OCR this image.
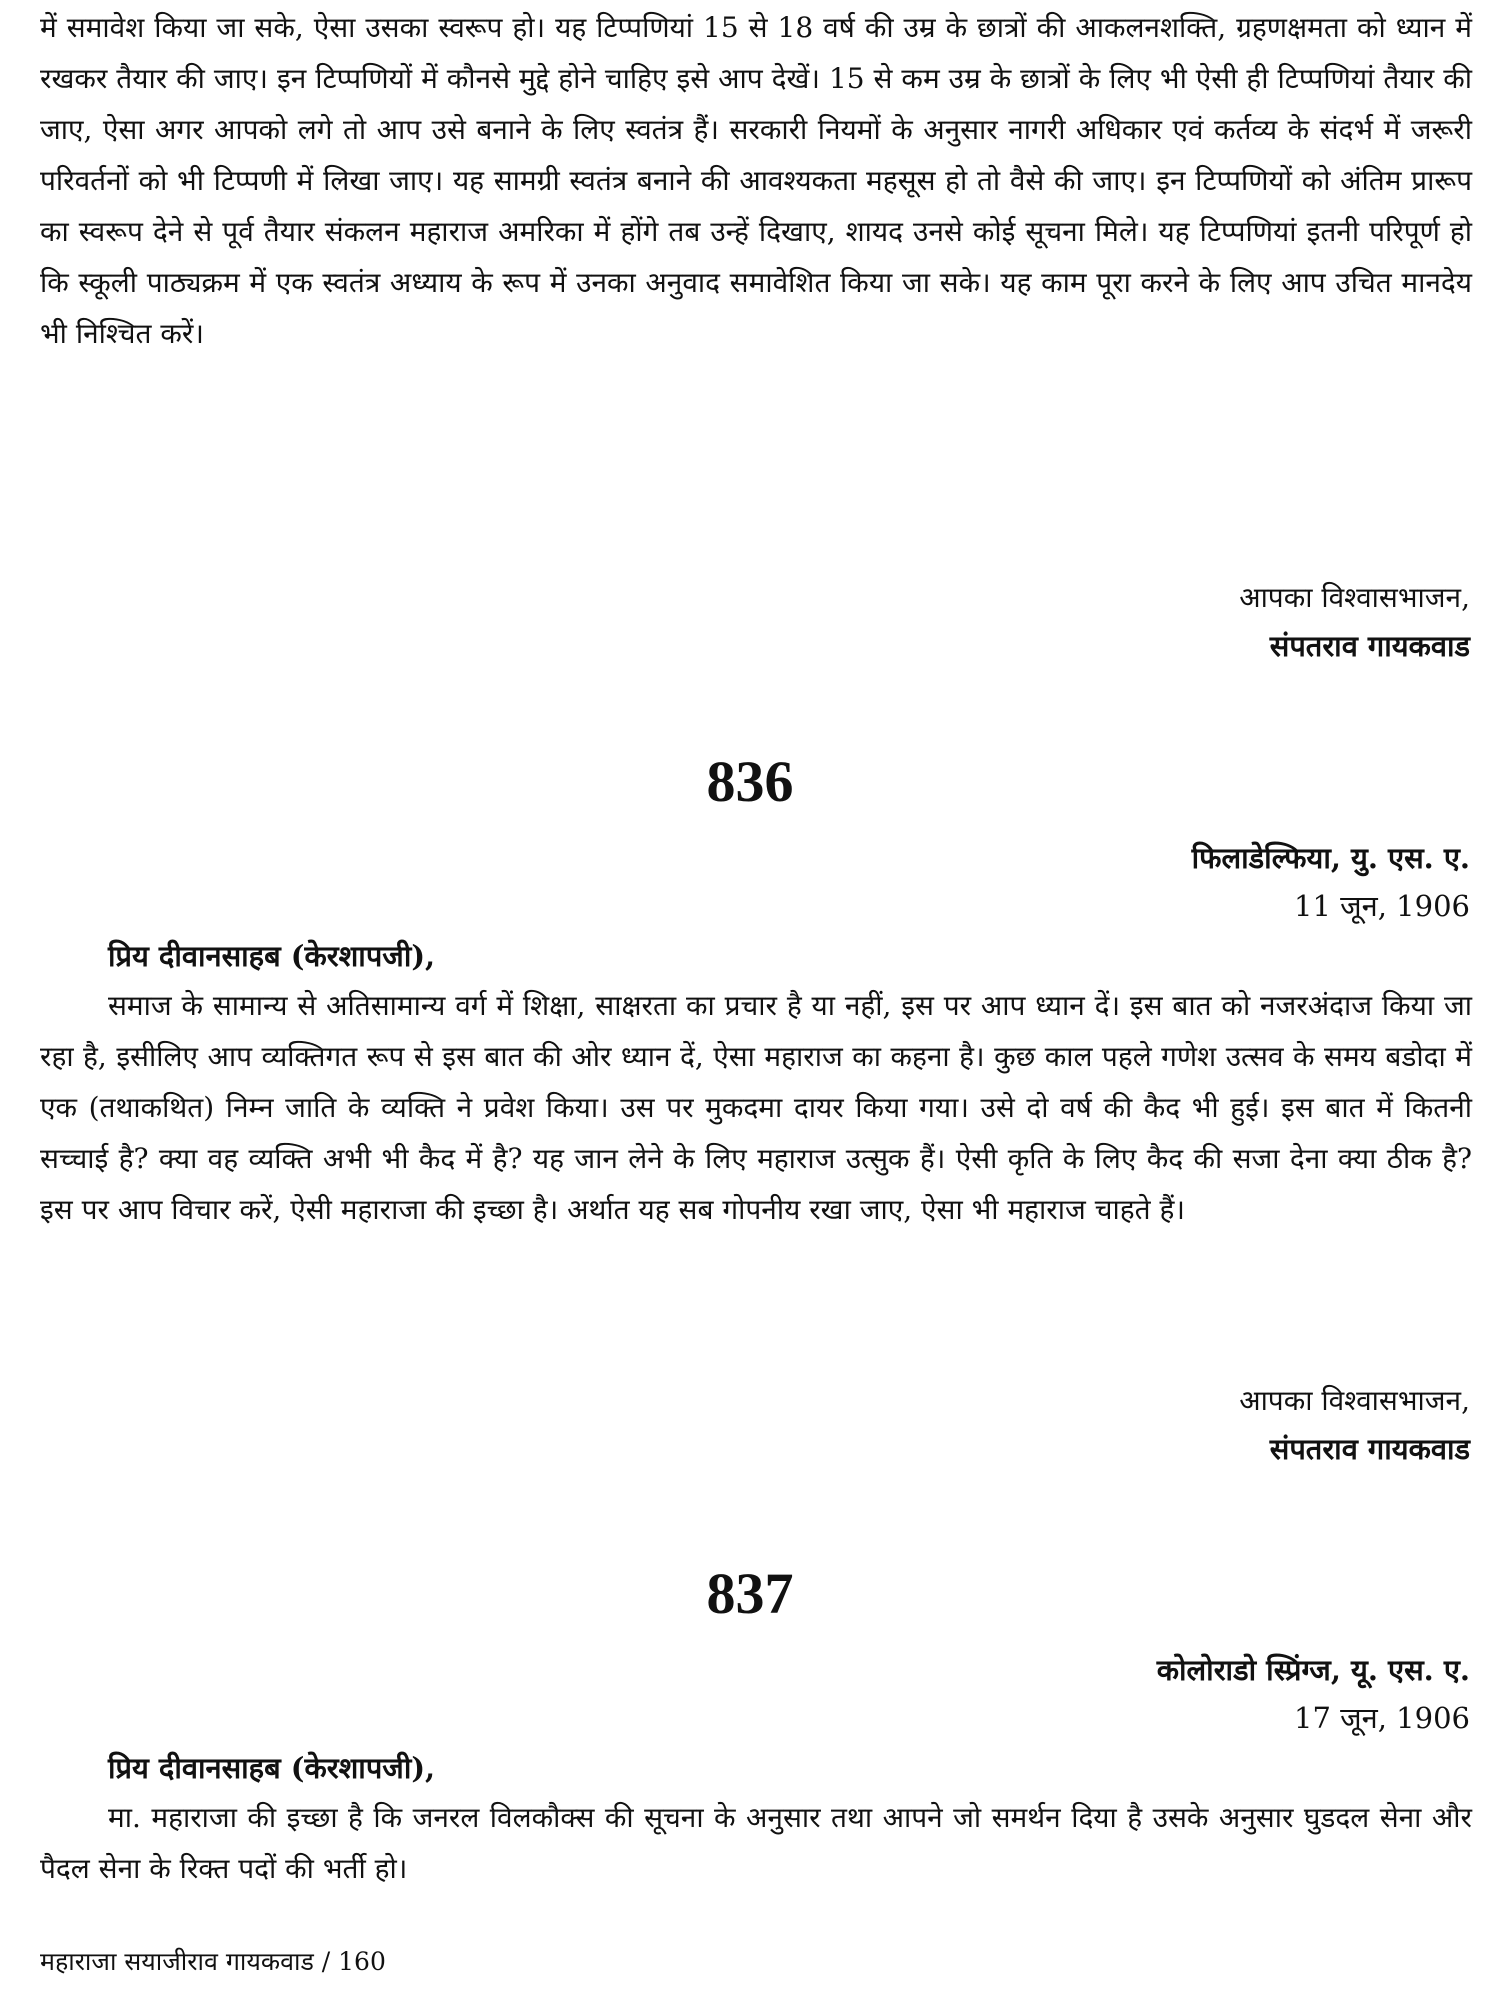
में समावेश किया जा सके, ऐसा उसका स्वरूप हो। यह टिप्पणियां 15 से 18 वर्ष की उम्र के छात्रों की आकलनशक्ति, ग्रहणक्षमता को ध्यान में रखकर तैयार की जाए। इन टिप्पणियों में कौनसे मुद्दे होने चाहिए इसे आप देखें। 15 से कम उम्र के छात्रों के लिए भी ऐसी ही टिप्पणियां तैयार की जाए, ऐसा अगर आपको लगे तो आप उसे बनाने के लिए स्वतंत्र हैं। सरकारी नियमों के अनुसार नागरी अधिकार एवं कर्तव्य के संदर्भ में जरूरी परिवर्तनों को भी टिप्पणी में लिखा जाए। यह सामग्री स्वतंत्र बनाने की आवश्यकता महसूस हो तो वैसे की जाए। इन टिप्पणियों को अंतिम प्रारूप का स्वरूप देने से पूर्व तैयार संकलन महाराज अमरिका में होंगे तब उन्हें दिखाए, शायद उनसे कोई सूचना मिले। यह टिप्पणियां इतनी परिपूर्ण हो कि स्कूली पाठ्यक्रम में एक स्वतंत्र अध्याय के रूप में उनका अनुवाद समावेशित किया जा सके। यह काम पूरा करने के लिए आप उचित मानदेय भी निश्चित करें।

आपका विश्वासभाजन,
संपतराव गायकवाड
836
फिलाडेल्फिया, यु. एस. ए.
11 जून, 1906
प्रिय दीवानसाहब (केरशापजी),

समाज के सामान्य से अतिसामान्य वर्ग में शिक्षा, साक्षरता का प्रचार है या नहीं, इस पर आप ध्यान दें। इस बात को नजरअंदाज किया जा रहा है, इसीलिए आप व्यक्तिगत रूप से इस बात की ओर ध्यान दें, ऐसा महाराज का कहना है। कुछ काल पहले गणेश उत्सव के समय बडोदा में एक (तथाकथित) निम्न जाति के व्यक्ति ने प्रवेश किया। उस पर मुकदमा दायर किया गया। उसे दो वर्ष की कैद भी हुई। इस बात में कितनी सच्चाई है? क्या वह व्यक्ति अभी भी कैद में है? यह जान लेने के लिए महाराज उत्सुक हैं। ऐसी कृति के लिए कैद की सजा देना क्या ठीक है? इस पर आप विचार करें, ऐसी महाराजा की इच्छा है। अर्थात यह सब गोपनीय रखा जाए, ऐसा भी महाराज चाहते हैं।

आपका विश्वासभाजन,
संपतराव गायकवाड
837
कोलोराडो स्प्रिंग्ज, यू. एस. ए.
17 जून, 1906
प्रिय दीवानसाहब (केरशापजी),

मा. महाराजा की इच्छा है कि जनरल विलकौक्स की सूचना के अनुसार तथा आपने जो समर्थन दिया है उसके अनुसार घुडदल सेना और पैदल सेना के रिक्त पदों की भर्ती हो।

महाराजा सयाजीराव गायकवाड / 160
